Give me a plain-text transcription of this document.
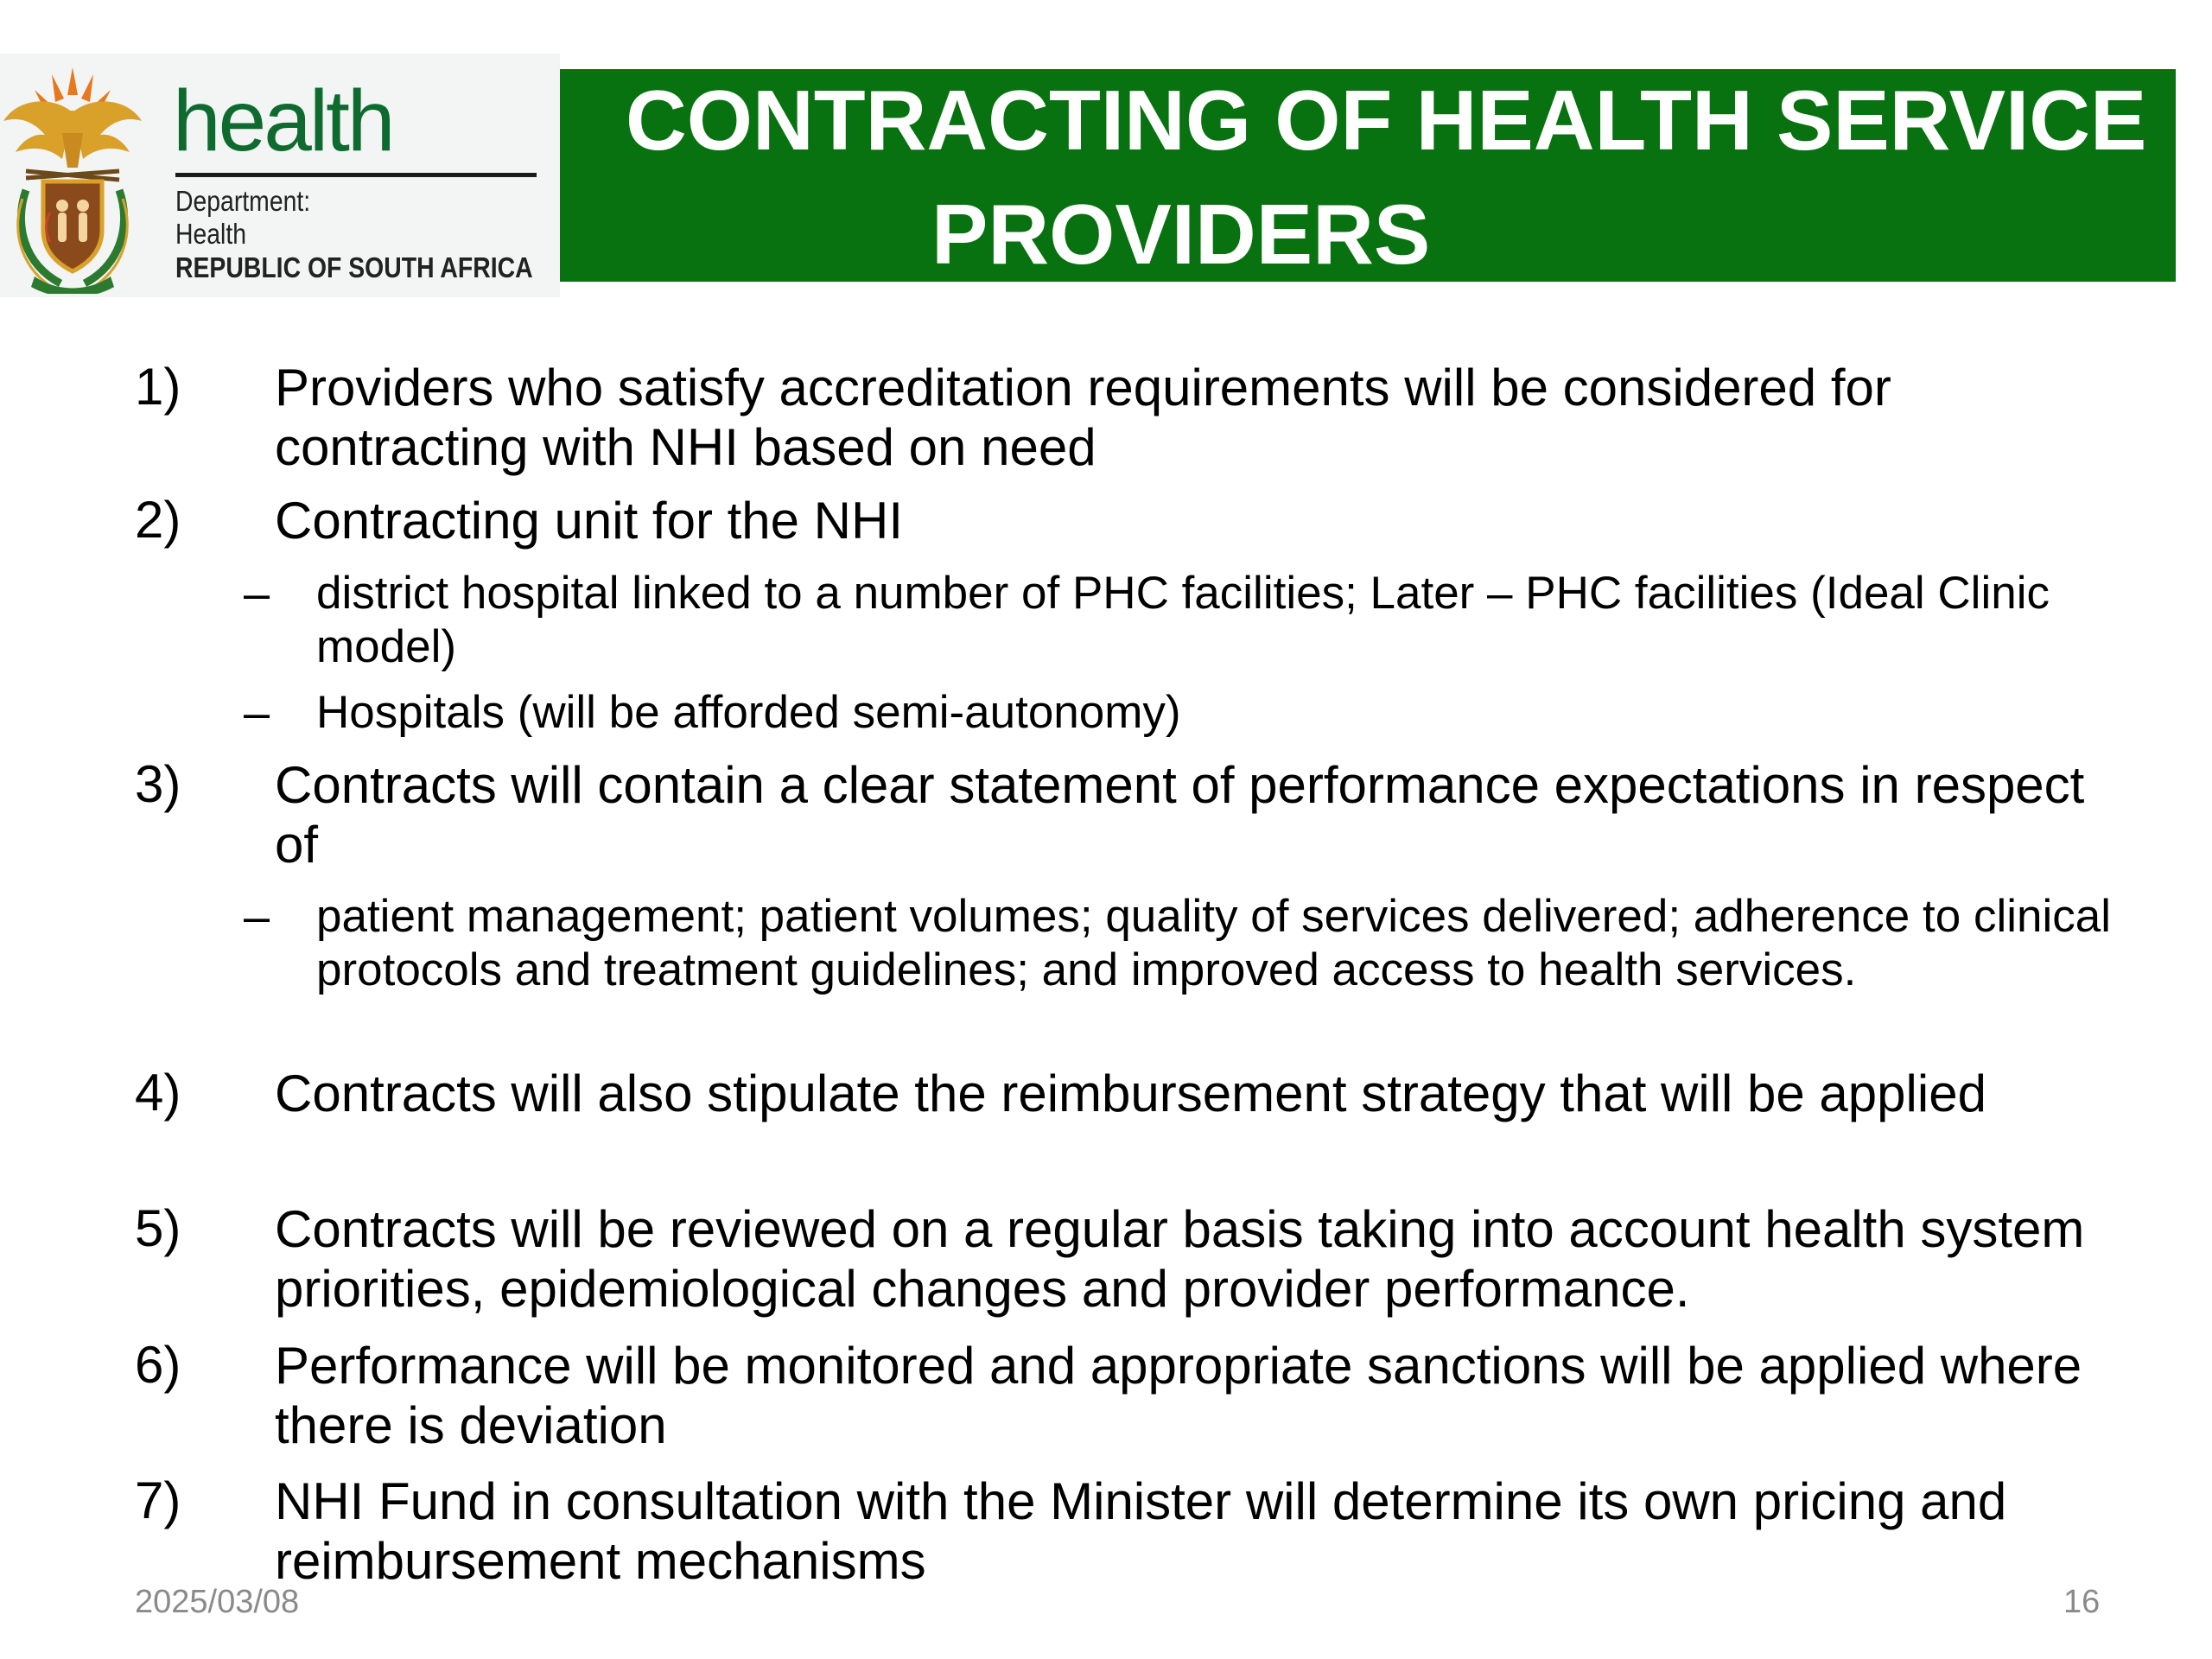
health
Department:
Health
REPUBLIC OF SOUTH AFRICA
CONTRACTING OF HEALTH SERVICE
PROVIDERS
1) Providers who satisfy accreditation requirements will be considered for contracting with NHI based on need
2) Contracting unit for the NHI
– district hospital linked to a number of PHC facilities; Later – PHC facilities (Ideal Clinic model)
– Hospitals (will be afforded semi-autonomy)
3) Contracts will contain a clear statement of performance expectations in respect of
– patient management; patient volumes; quality of services delivered; adherence to clinical protocols and treatment guidelines; and improved access to health services.
4) Contracts will also stipulate the reimbursement strategy that will be applied
5) Contracts will be reviewed on a regular basis taking into account health system priorities, epidemiological changes and provider performance.
6) Performance will be monitored and appropriate sanctions will be applied where there is deviation
7) NHI Fund in consultation with the Minister will determine its own pricing and reimbursement mechanisms
2025/03/08	16
